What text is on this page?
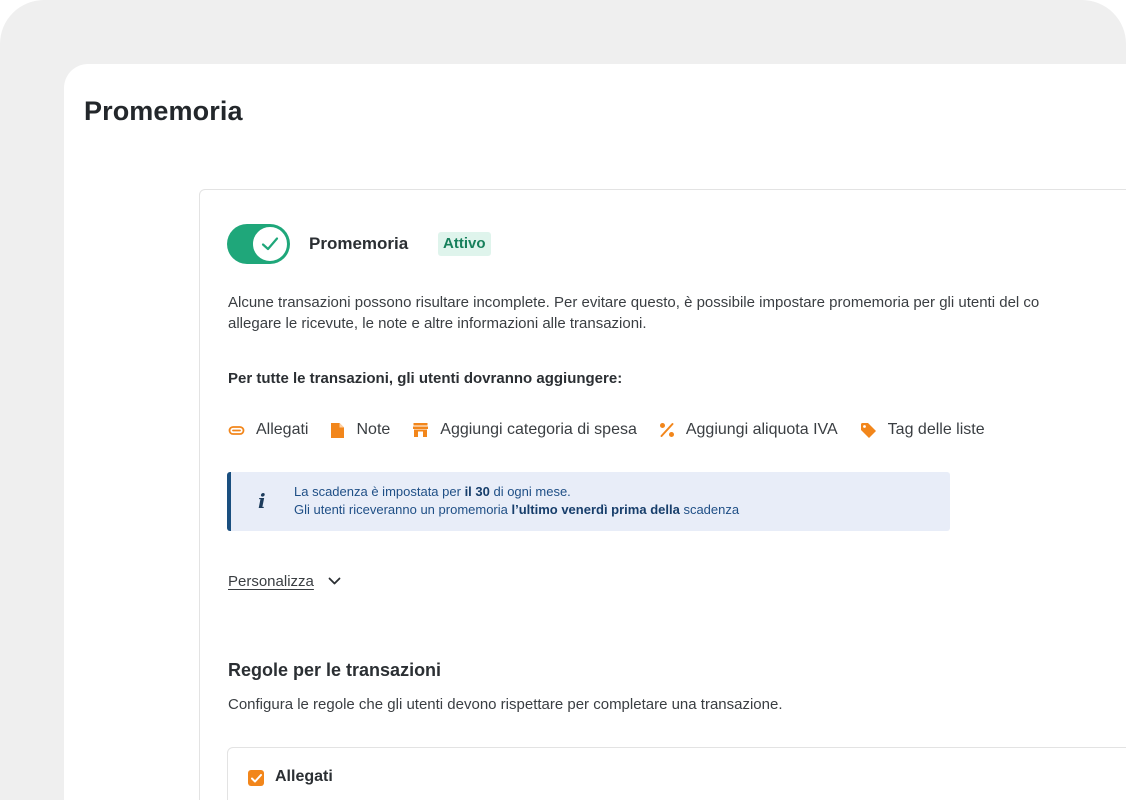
Promemoria
Promemoria	Attivo

Alcune transazioni possono risultare incomplete. Per evitare questo, è possibile impostare promemoria per gli utenti del co
allegare le ricevute, le note e altre informazioni alle transazioni.

Per tutte le transazioni, gli utenti dovranno aggiungere:
Allegati	Note	Aggiungi categoria di spesa	Aggiungi aliquota IVA	Tag delle liste
i La scadenza è impostata per il 30 di ogni mese.
Gli utenti riceveranno un promemoria l’ultimo venerdì prima della scadenza
Personalizza
Regole per le transazioni
Configura le regole che gli utenti devono rispettare per completare una transazione.
Allegati
